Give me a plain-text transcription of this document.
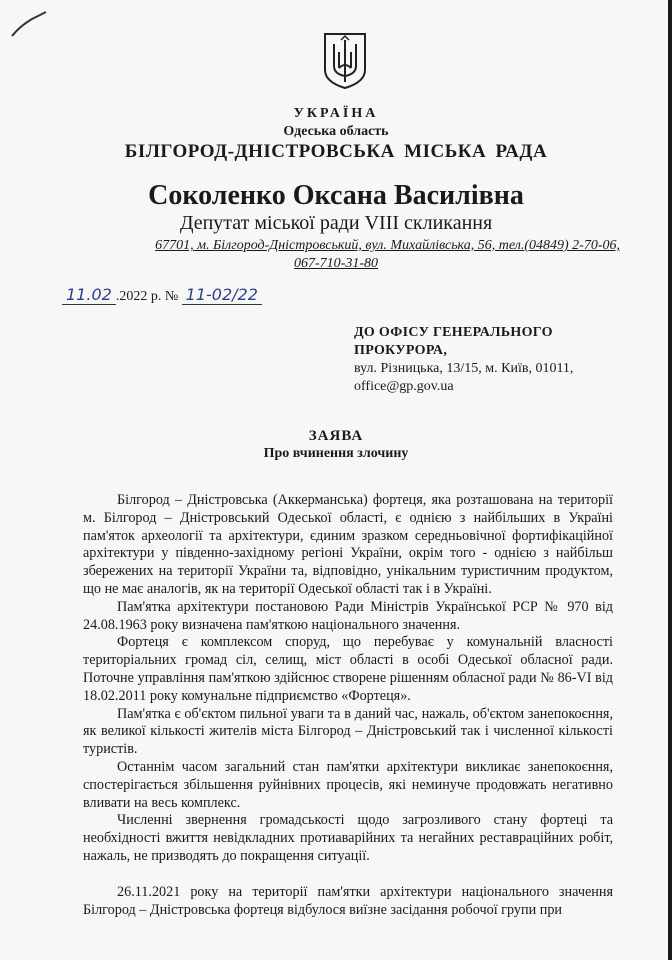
УКРАЇНА
Одеська область
БІЛГОРОД-ДНІСТРОВСЬКА МІСЬКА РАДА
Соколенко Оксана Василівна
Депутат міської ради VIII скликання
67701, м. Білгород-Дністровський, вул. Михайлівська, 56, тел.(04849) 2-70-06,
067-710-31-80
11.02 .2022 р. № 11-02/22
ДО ОФІСУ ГЕНЕРАЛЬНОГО
ПРОКУРОРА,
вул. Різницька, 13/15, м. Київ, 01011,
office@gp.gov.ua
ЗАЯВА
Про вчинення злочину

Білгород – Дністровська (Аккерманська) фортеця, яка розташована на території м. Білгород – Дністровський Одеської області, є однією з найбільших в Україні пам'яток археології та архітектури, єдиним зразком середньовічної фортифікаційної архітектури у південно-західному регіоні України, окрім того - однією з найбільш збережених на території України та, відповідно, унікальним туристичним продуктом, що не має аналогів, як на території Одеської області так і в Україні.

Пам'ятка архітектури постановою Ради Міністрів Української РСР № 970 від 24.08.1963 року визначена пам'яткою національного значення.

Фортеця є комплексом споруд, що перебуває у комунальній власності територіальних громад сіл, селищ, міст області в особі Одеської обласної ради. Поточне управління пам'яткою здійснює створене рішенням обласної ради № 86-VI від 18.02.2011 року комунальне підприємство «Фортеця».

Пам'ятка є об'єктом пильної уваги та в даний час, нажаль, об'єктом занепокоєння, як великої кількості жителів міста Білгород – Дністровський так і численної кількості туристів.

Останнім часом загальний стан пам'ятки архітектури викликає занепокоєння, спостерігається збільшення руйнівних процесів, які неминуче продовжать негативно вливати на весь комплекс.

Численні звернення громадськості щодо загрозливого стану фортеці та необхідності вжиття невідкладних протиаварійних та негайних реставраційних робіт, нажаль, не призводять до покращення ситуації.

26.11.2021 року на території пам'ятки архітектури національного значення Білгород – Дністровська фортеця відбулося виїзне засідання робочої групи при
